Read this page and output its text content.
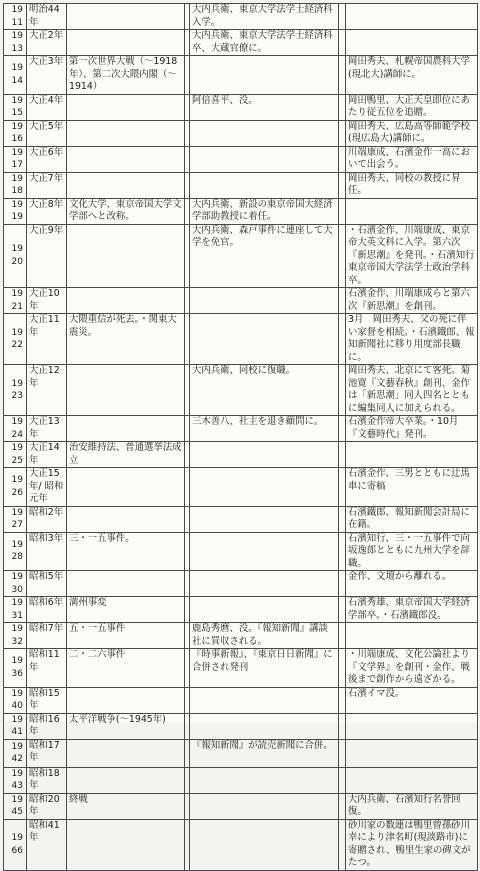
1911	明治44年			大内兵衛、東京大学法学士経済科入学。		
1913	大正2年			大内兵衛、東京大学法学士経済科卒、大蔵官僚に。		
1914	大正3年	第一次世界大戦（～1918年）、第二次大隈内閣（～1914）				岡田秀夫、札幌帝国農科大学(現北大)講師に。
1915	大正4年			阿倍喜平、没。		岡田鴨里、大正天皇即位にあたり従五位を追贈。
1916	大正5年					岡田秀夫、広島高等師範学校(現広島大)講師に。
1917	大正6年					川端康成、石濱金作一高において出会う。
1918	大正7年					岡田秀夫、同校の教授に昇任。
1919	大正8年	文化大学、東京帝国大学文学部へと改称。		大内兵衛、新設の東京帝国大経済学部助教授に着任。		
1920	大正9年			大内兵衛、森戸事件に連座して大学を免官。		・石濱金作、川端康成、東京帝大英文科に入学。第六次『新思潮』を発刊。・石濱知行東京帝国大学法学士政治学科卒。
1921	大正10年					石濱金作、川端康成らと第六次『新思潮』を創刊。
1922	大正11年	大隈重信が死去。・関東大震災。				3月　岡田秀夫、父の死に伴い家督を相続。・石濱鐵郎、報知新聞社に移り用度部長職に。
1923	大正12年			大内兵衛、同校に復職。		岡田秀夫、北京にて客死。菊池寛『文藝春秋』創刊、金作は「新思潮」同人四名とともに編集同人に加えられる。
1924	大正13年			三木善八、社主を退き顧問に。		石濱金作帝大卒業。・10月『文藝時代』発刊。
1925	大正14年	治安維持法、普通選挙法成立				
1926	大正15年/ 昭和元年					石濱金作、三男とともに辻馬車に寄稿
1927	昭和2年					石濱鐵郎、報知新聞会計局に在籍。
1928	昭和3年	三・一五事件。				石濱知行、三・一五事件で向坂逸郎とともに九州大学を辞職。
1930	昭和5年					金作、文壇から離れる。
1931	昭和6年	満州事変				石濱秀雄、東京帝国大学経済学部卒。・石濱鐵郎没。
1932	昭和7年	五・一五事件		鹿島秀麿、没。『報知新聞』講談社に買収される。		
1936	昭和11年	二・二六事件		『時事新報』、『東京日日新聞』に合併され発刊		・川端康成、文化公論社より『文学界』を創刊・金作、戦後まで創作から遠ざかる。
1940	昭和15年					石濱イマ没。
1941	昭和16年	太平洋戦争(～1945年)				
1942	昭和17年			『報知新聞』が読売新聞に合併。		
1943	昭和18年					
1945	昭和20年	終戦				大内兵衛、石濱知行名誉回復。
1966	昭和41年					砂川家の数連は鴨里曾孫砂川幸により津名町(現淡路市)に寄贈され、鴨里生家の碑文がたつ。
